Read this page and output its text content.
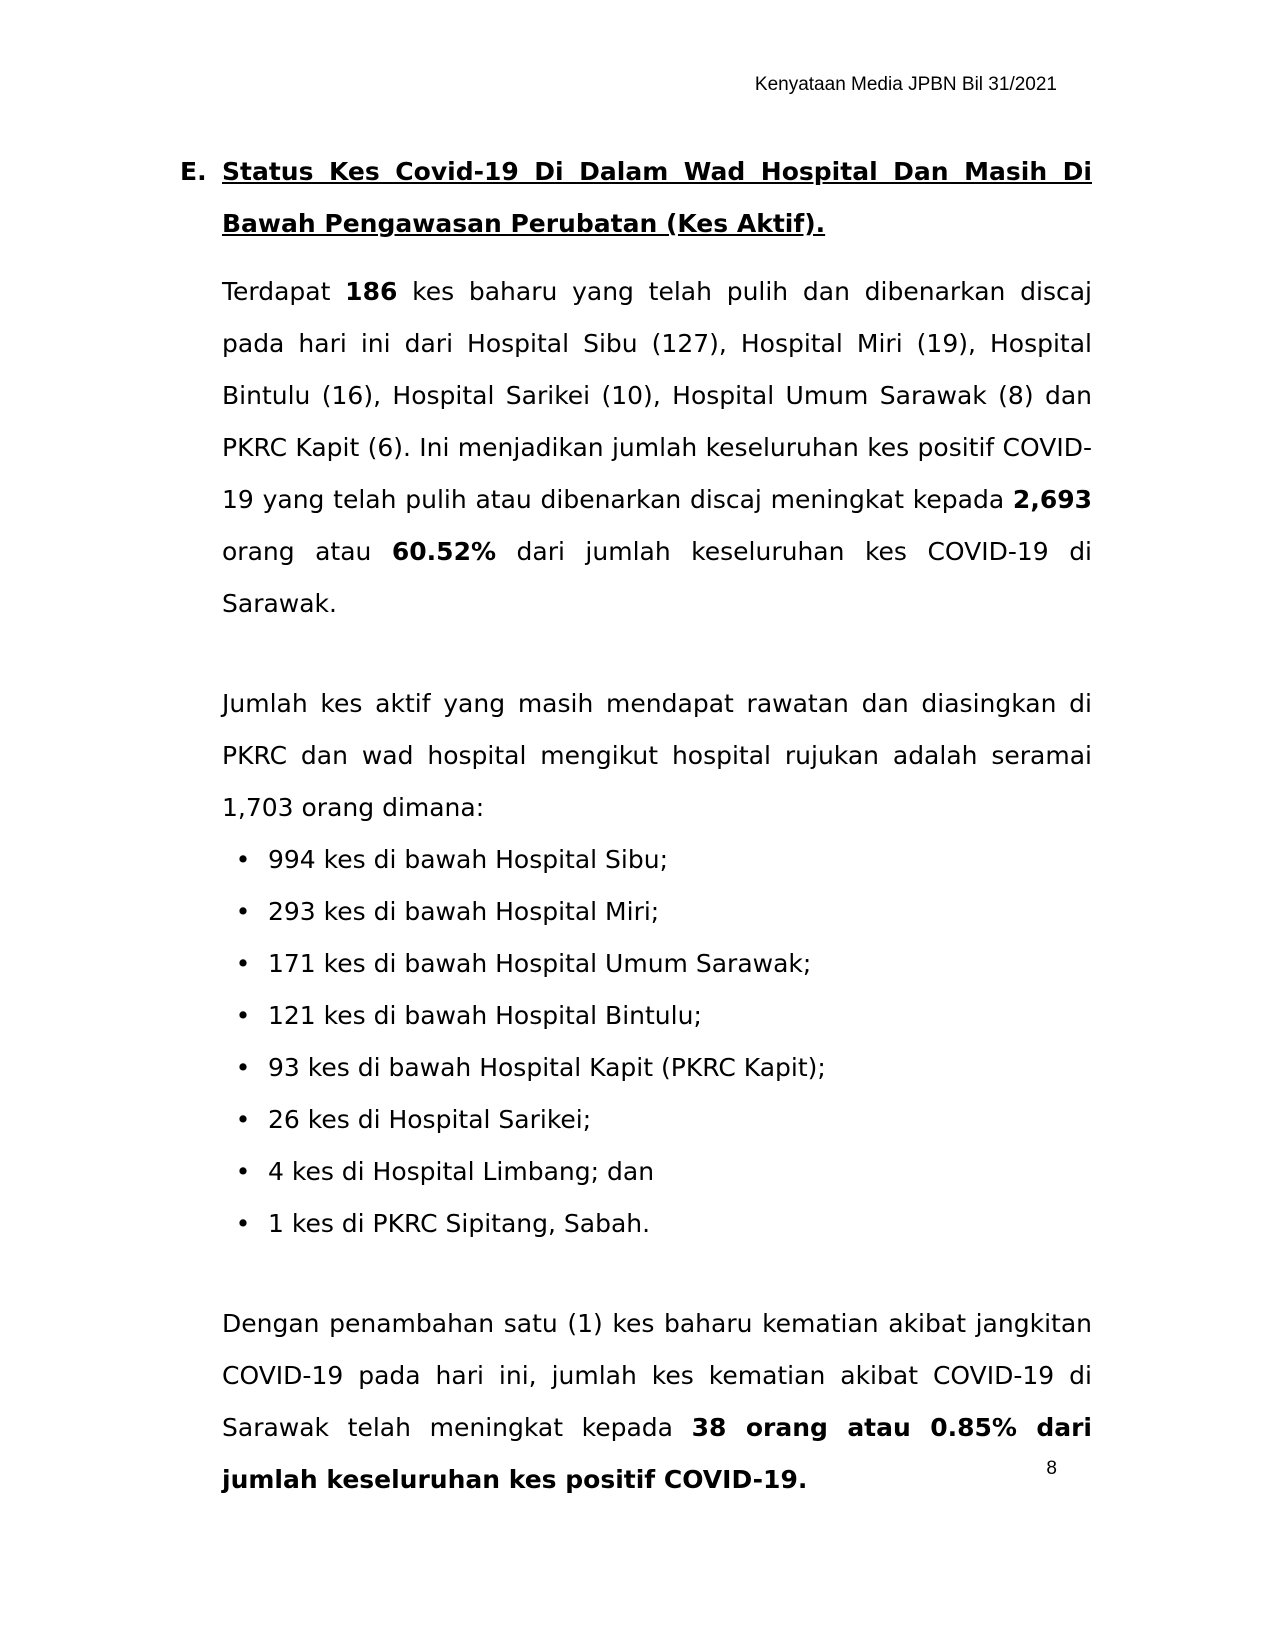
Kenyataan Media JPBN Bil 31/2021
E. Status Kes Covid-19 Di Dalam Wad Hospital Dan Masih Di Bawah Pengawasan Perubatan (Kes Aktif).

Terdapat 186 kes baharu yang telah pulih dan dibenarkan discaj pada hari ini dari Hospital Sibu (127), Hospital Miri (19), Hospital Bintulu (16), Hospital Sarikei (10), Hospital Umum Sarawak (8) dan PKRC Kapit (6). Ini menjadikan jumlah keseluruhan kes positif COVID-19 yang telah pulih atau dibenarkan discaj meningkat kepada 2,693 orang atau 60.52% dari jumlah keseluruhan kes COVID-19 di Sarawak.

Jumlah kes aktif yang masih mendapat rawatan dan diasingkan di PKRC dan wad hospital mengikut hospital rujukan adalah seramai 1,703 orang dimana:

• 994 kes di bawah Hospital Sibu;
• 293 kes di bawah Hospital Miri;
• 171 kes di bawah Hospital Umum Sarawak;
• 121 kes di bawah Hospital Bintulu;
• 93 kes di bawah Hospital Kapit (PKRC Kapit);
• 26 kes di Hospital Sarikei;
• 4 kes di Hospital Limbang; dan
• 1 kes di PKRC Sipitang, Sabah.

Dengan penambahan satu (1) kes baharu kematian akibat jangkitan COVID-19 pada hari ini, jumlah kes kematian akibat COVID-19 di Sarawak telah meningkat kepada 38 orang atau 0.85% dari jumlah keseluruhan kes positif COVID-19.	8
